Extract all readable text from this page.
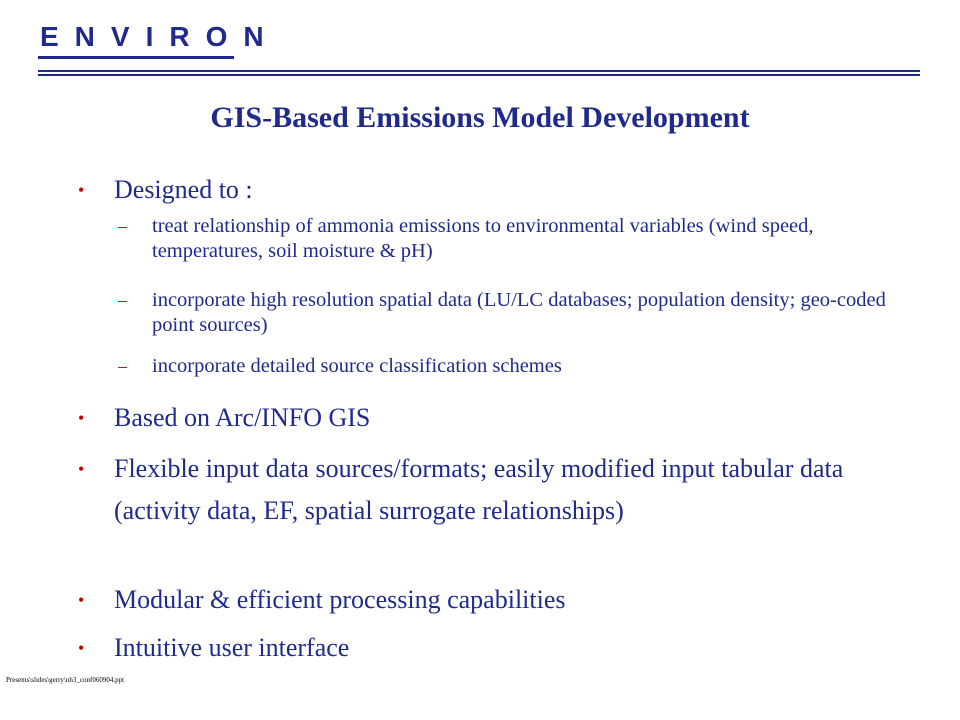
ENVIRON
GIS-Based Emissions Model Development
• Designed to :
– treat relationship of ammonia emissions to environmental variables (wind speed, temperatures, soil moisture & pH)
– incorporate high resolution spatial data (LU/LC databases; population density; geo-coded point sources)
– incorporate detailed source classification schemes
• Based on Arc/INFO GIS
• Flexible input data sources/formats; easily modified input tabular data (activity data, EF, spatial surrogate relationships)
• Modular & efficient processing capabilities
• Intuitive user interface
Presents\slides\gerry\nh3_conf060904.ppt
